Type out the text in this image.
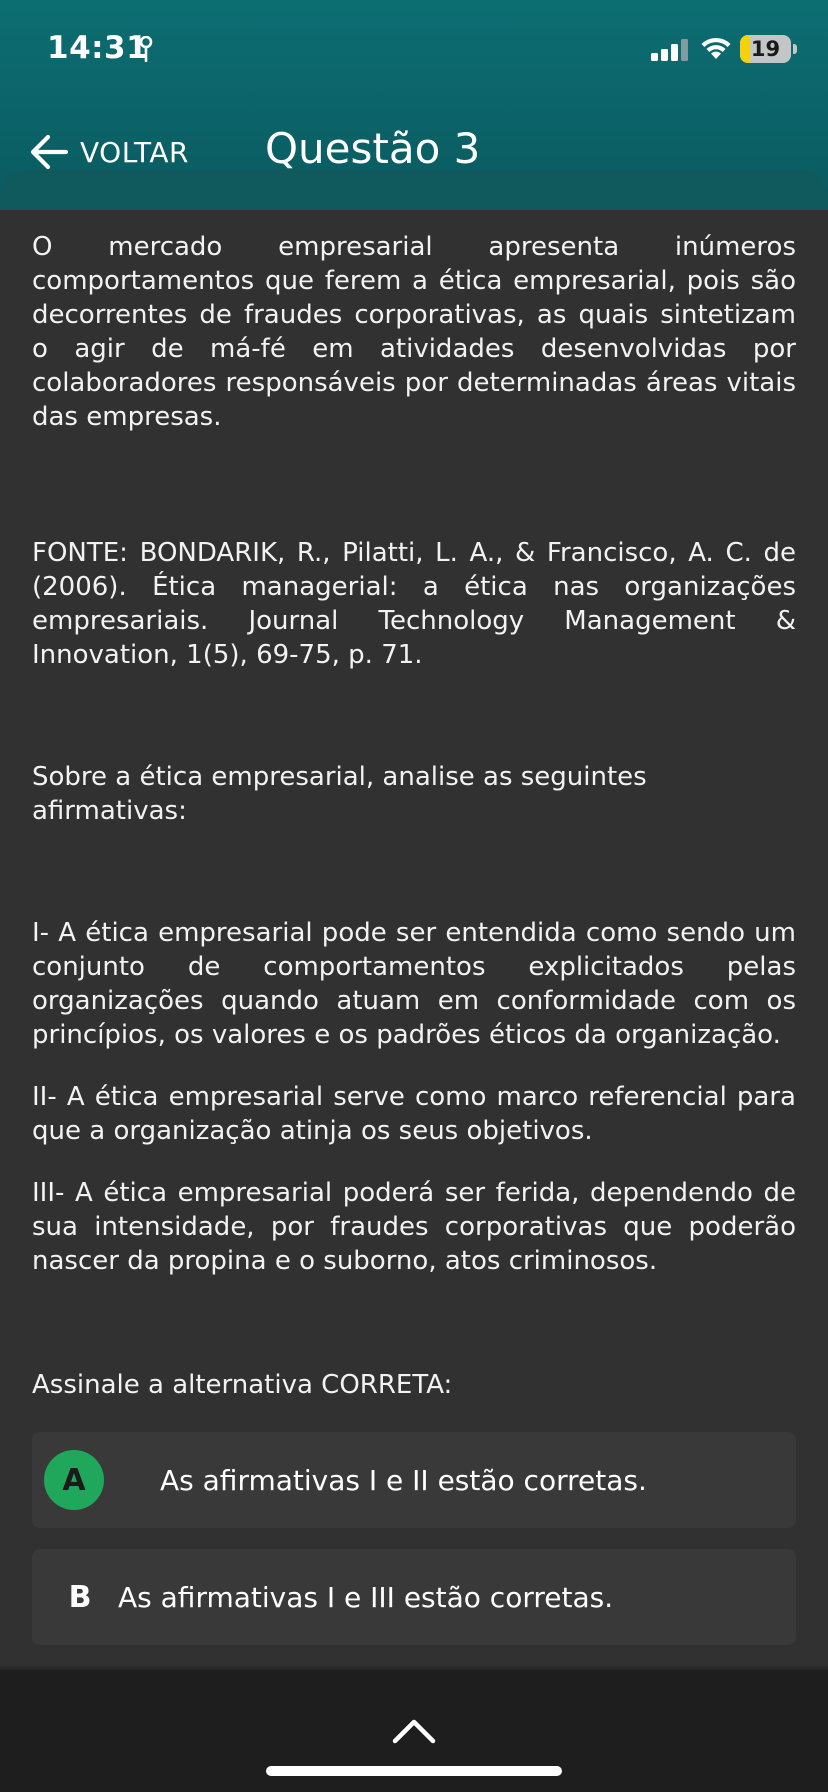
14:31	19
VOLTAR Questão 3
O mercado empresarial apresenta inúmeros comportamentos que ferem a ética empresarial, pois são decorrentes de fraudes corporativas, as quais sintetizam o agir de má-fé em atividades desenvolvidas por colaboradores responsáveis por determinadas áreas vitais das empresas.
FONTE: BONDARIK, R., Pilatti, L. A., & Francisco, A. C. de (2006). Ética managerial: a ética nas organizações empresariais. Journal Technology Management & Innovation, 1(5), 69-75, p. 71.
Sobre a ética empresarial, analise as seguintes afirmativas:
I- A ética empresarial pode ser entendida como sendo um conjunto de comportamentos explicitados pelas organizações quando atuam em conformidade com os princípios, os valores e os padrões éticos da organização.
II- A ética empresarial serve como marco referencial para que a organização atinja os seus objetivos.
III- A ética empresarial poderá ser ferida, dependendo de sua intensidade, por fraudes corporativas que poderão nascer da propina e o suborno, atos criminosos.
Assinale a alternativa CORRETA:
A	As afirmativas I e II estão corretas.
B As afirmativas I e III estão corretas.
